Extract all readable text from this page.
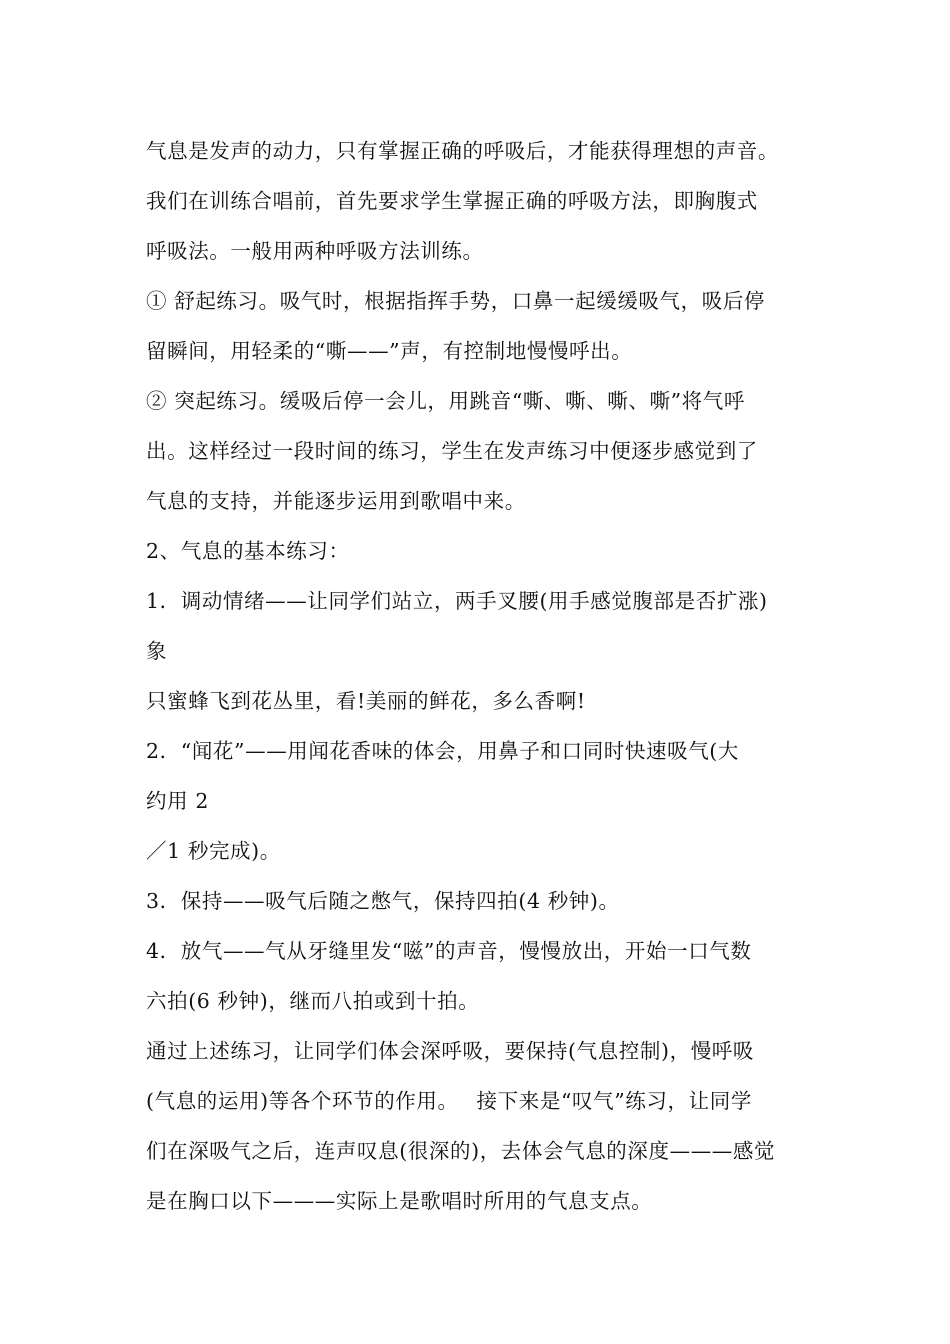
气息是发声的动力，只有掌握正确的呼吸后，才能获得理想的声音。
我们在训练合唱前，首先要求学生掌握正确的呼吸方法，即胸腹式
呼吸法。一般用两种呼吸方法训练。
① 舒起练习。吸气时，根据指挥手势，口鼻一起缓缓吸气，吸后停
留瞬间，用轻柔的“嘶——”声，有控制地慢慢呼出。
② 突起练习。缓吸后停一会儿，用跳音“嘶、嘶、嘶、嘶”将气呼
出。这样经过一段时间的练习，学生在发声练习中便逐步感觉到了
气息的支持，并能逐步运用到歌唱中来。
2、气息的基本练习：
1．调动情绪——让同学们站立，两手叉腰(用手感觉腹部是否扩涨)
象
只蜜蜂飞到花丛里，看!美丽的鲜花，多么香啊!
2．“闻花”——用闻花香味的体会，用鼻子和口同时快速吸气(大
约用 2
／1 秒完成)。
3．保持——吸气后随之憋气，保持四拍(4 秒钟)。
4．放气——气从牙缝里发“嗞”的声音，慢慢放出，开始一口气数
六拍(6 秒钟)，继而八拍或到十拍。
通过上述练习，让同学们体会深呼吸，要保持(气息控制)，慢呼吸
(气息的运用)等各个环节的作用。　 接下来是“叹气”练习，让同学
们在深吸气之后，连声叹息(很深的)，去体会气息的深度———感觉
是在胸口以下———实际上是歌唱时所用的气息支点。
